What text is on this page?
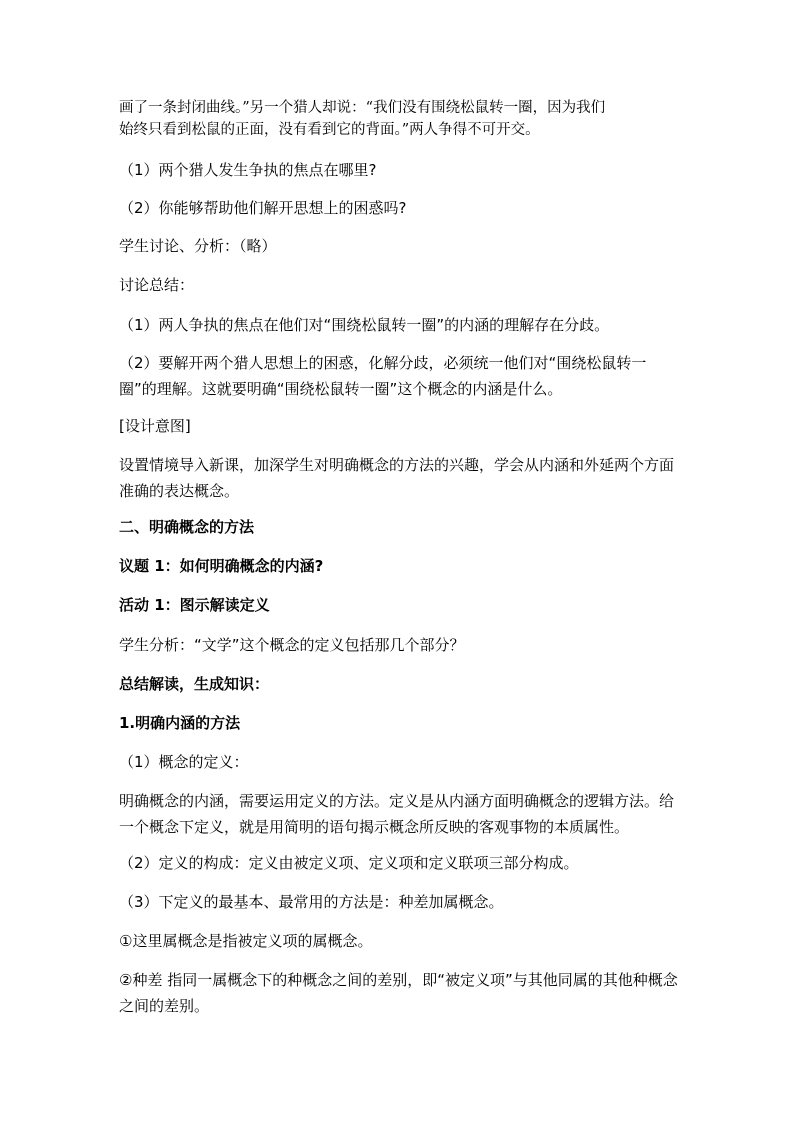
画了一条封闭曲线。”另一个猎人却说：“我们没有围绕松鼠转一圈，因为我们

始终只看到松鼠的正面，没有看到它的背面。”两人争得不可开交。

（1）两个猎人发生争执的焦点在哪里?

（2）你能够帮助他们解开思想上的困惑吗?

学生讨论、分析：（略）

讨论总结：

（1）两人争执的焦点在他们对“围绕松鼠转一圈”的内涵的理解存在分歧。

（2）要解开两个猎人思想上的困惑，化解分歧，必须统一他们对“围绕松鼠转一圈”的理解。这就要明确“围绕松鼠转一圈”这个概念的内涵是什么。

[设计意图]

设置情境导入新课，加深学生对明确概念的方法的兴趣，学会从内涵和外延两个方面准确的表达概念。

二、明确概念的方法

议题 1：如何明确概念的内涵?

活动 1：图示解读定义

学生分析：“文学”这个概念的定义包括那几个部分？

总结解读，生成知识：

1.明确内涵的方法

（1）概念的定义：

明确概念的内涵，需要运用定义的方法。定义是从内涵方面明确概念的逻辑方法。给一个概念下定义，就是用简明的语句揭示概念所反映的客观事物的本质属性。

（2）定义的构成：定义由被定义项、定义项和定义联项三部分构成。

（3）下定义的最基本、最常用的方法是：种差加属概念。

①这里属概念是指被定义项的属概念。

②种差 指同一属概念下的种概念之间的差别，即“被定义项”与其他同属的其他种概念之间的差别。
